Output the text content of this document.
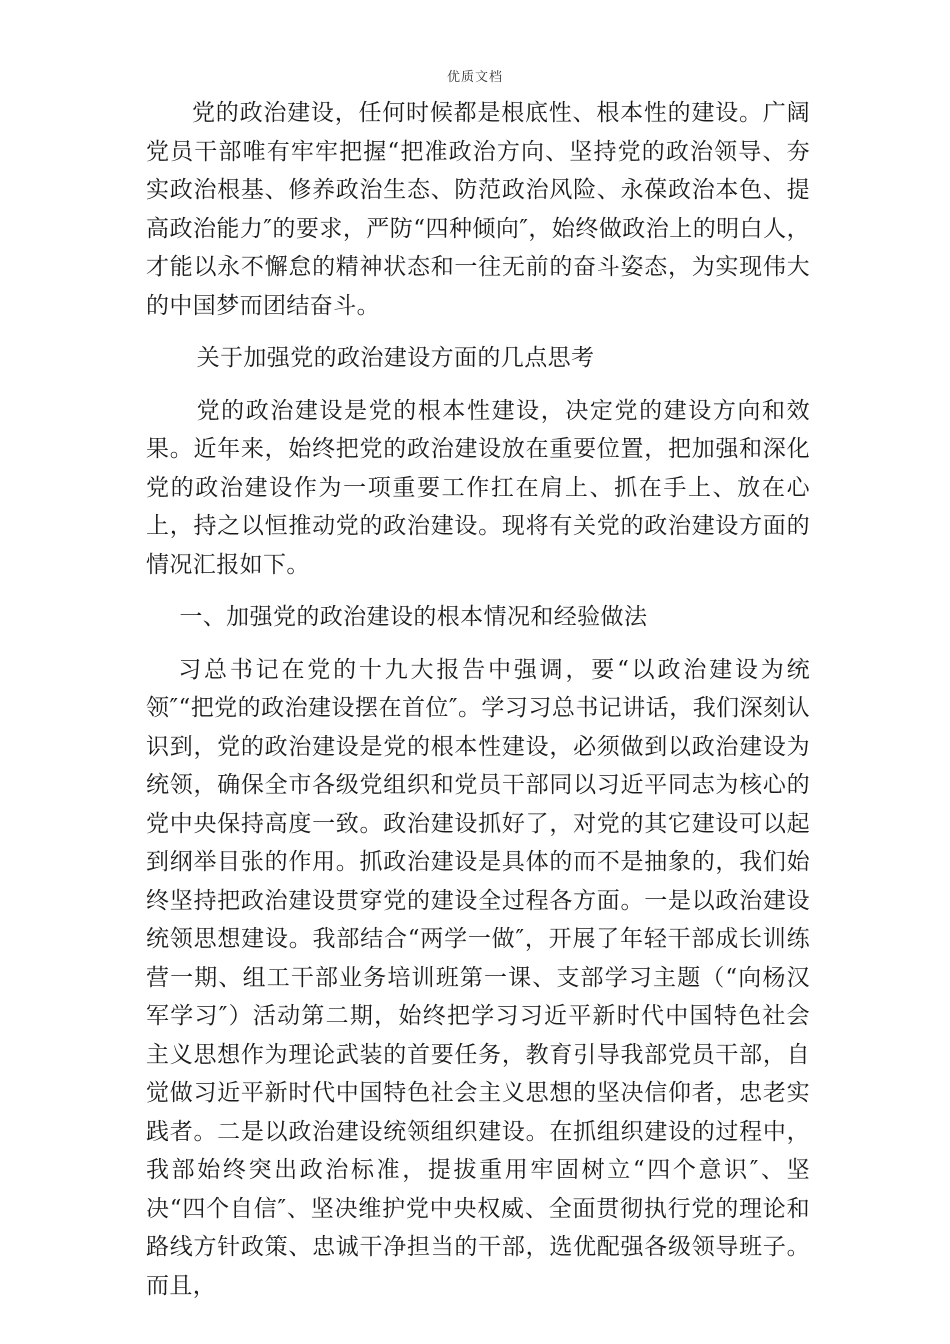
优质文档

党的政治建设，任何时候都是根底性、根本性的建设。广阔党员干部唯有牢牢把握“把准政治方向、坚持党的政治领导、夯实政治根基、修养政治生态、防范政治风险、永葆政治本色、提高政治能力″的要求，严防“四种倾向″，始终做政治上的明白人，才能以永不懈怠的精神状态和一往无前的奋斗姿态，为实现伟大的中国梦而团结奋斗。

关于加强党的政治建设方面的几点思考

党的政治建设是党的根本性建设，决定党的建设方向和效果。近年来，始终把党的政治建设放在重要位置，把加强和深化党的政治建设作为一项重要工作扛在肩上、抓在手上、放在心上，持之以恒推动党的政治建设。现将有关党的政治建设方面的情况汇报如下。

一、加强党的政治建设的根本情况和经验做法

习总书记在党的十九大报告中强调，要“以政治建设为统领″“把党的政治建设摆在首位″。学习习总书记讲话，我们深刻认识到，党的政治建设是党的根本性建设，必须做到以政治建设为统领，确保全市各级党组织和党员干部同以习近平同志为核心的党中央保持高度一致。政治建设抓好了，对党的其它建设可以起到纲举目张的作用。抓政治建设是具体的而不是抽象的，我们始终坚持把政治建设贯穿党的建设全过程各方面。一是以政治建设统领思想建设。我部结合“两学一做″，开展了年轻干部成长训练营一期、组工干部业务培训班第一课、支部学习主题（“向杨汉军学习″）活动第二期，始终把学习习近平新时代中国特色社会主义思想作为理论武装的首要任务，教育引导我部党员干部，自觉做习近平新时代中国特色社会主义思想的坚决信仰者，忠老实践者。二是以政治建设统领组织建设。在抓组织建设的过程中，我部始终突出政治标准，提拔重用牢固树立“四个意识″、坚决“四个自信″、坚决维护党中央权威、全面贯彻执行党的理论和路线方针政策、忠诚干净担当的干部，选优配强各级领导班子。而且，
